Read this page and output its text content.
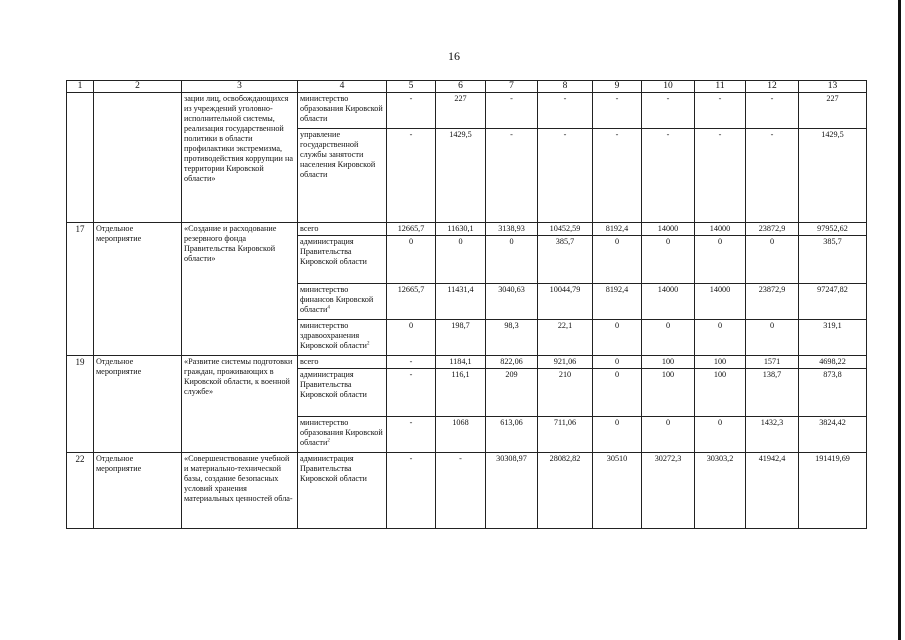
16
1	2	3	4	5	6	7	8	9	10	11	12	13
		зации лиц, освобождающихся из учреждений уголовно-исполнительной системы, реализация государственной политики в области профилактики экстремизма, противодействия коррупции на территории Кировской области»	министерство образования Кировской области	-	227	-	-	-	-	-	-	227
			управление государственной службы занятости населения Кировской области	-	1429,5	-	-	-	-	-	-	1429,5
17	Отдельное мероприятие	«Создание и расходование резервного фонда Правительства Кировской области»	всего	12665,7	11630,1	3138,93	10452,59	8192,4	14000	14000	23872,9	97952,62
			администрация Правительства Кировской области	0	0	0	385,7	0	0	0	0	385,7
			министерство финансов Кировской области$^4$	12665,7	11431,4	3040,63	10044,79	8192,4	14000	14000	23872,9	97247,82
			министерство здравоохранения Кировской области$^2$	0	198,7	98,3	22,1	0	0	0	0	319,1
19	Отдельное мероприятие	«Развитие системы подготовки граждан, проживающих в Кировской области, к военной службе»	всего	-	1184,1	822,06	921,06	0	100	100	1571	4698,22
			администрация Правительства Кировской области	-	116,1	209	210	0	100	100	138,7	873,8
			министерство образования Кировской области$^2$	-	1068	613,06	711,06	0	0	0	1432,3	3824,42
22	Отдельное мероприятие	«Совершенствование учебной и материально-технической базы, создание безопасных условий хранения материальных ценностей обла-	администрация Правительства Кировской области	-	-	30308,97	28082,82	30510	30272,3	30303,2	41942,4	191419,69
